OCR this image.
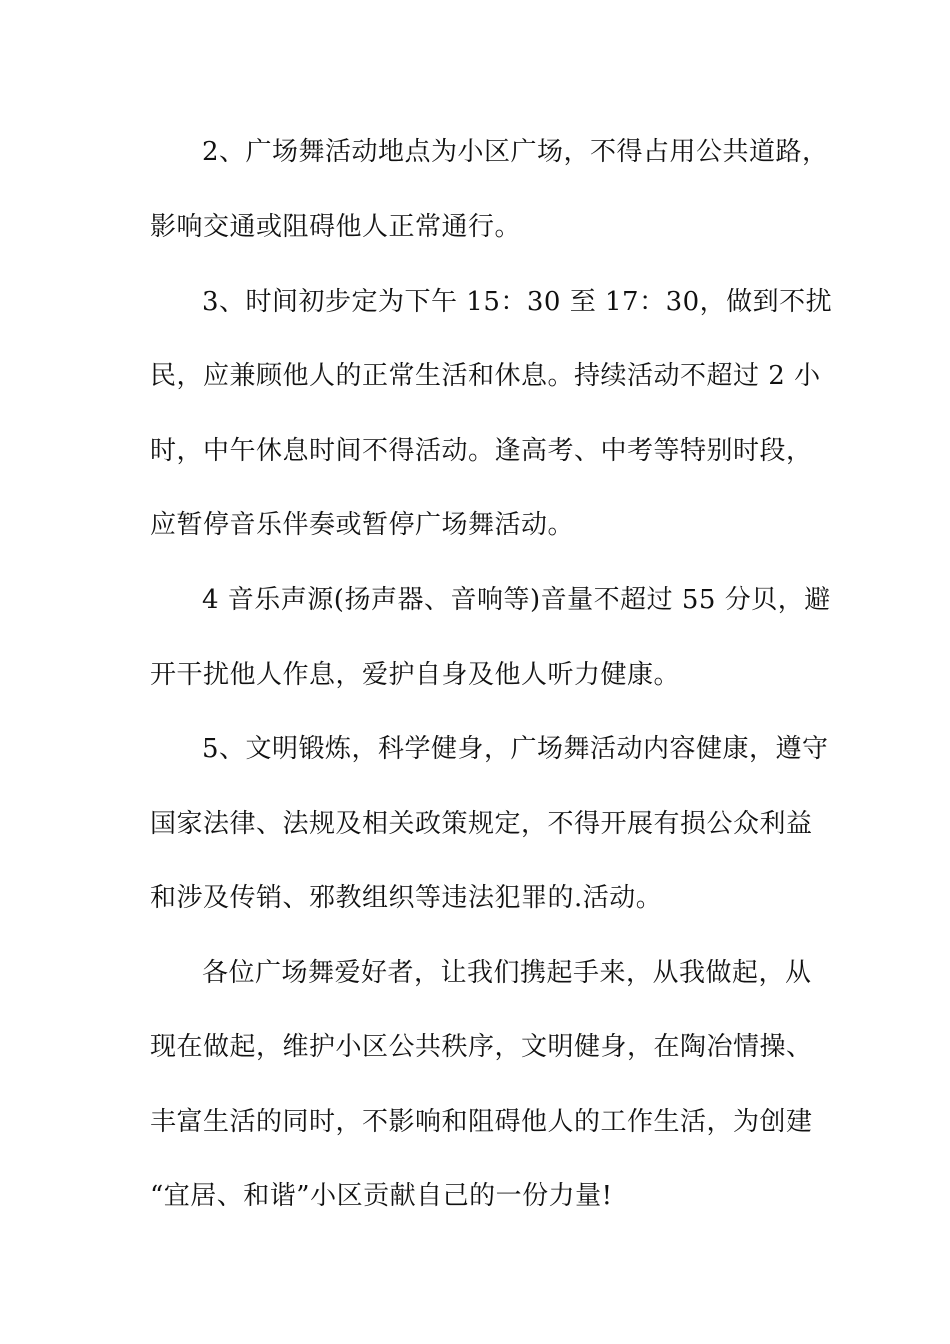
2、广场舞活动地点为小区广场，不得占用公共道路，
影响交通或阻碍他人正常通行。
3、时间初步定为下午 15：30 至 17：30，做到不扰
民，应兼顾他人的正常生活和休息。持续活动不超过 2 小
时，中午休息时间不得活动。逢高考、中考等特别时段，
应暂停音乐伴奏或暂停广场舞活动。
4 音乐声源(扬声器、音响等)音量不超过 55 分贝，避
开干扰他人作息，爱护自身及他人听力健康。
5、文明锻炼，科学健身，广场舞活动内容健康，遵守
国家法律、法规及相关政策规定，不得开展有损公众利益
和涉及传销、邪教组织等违法犯罪的.活动。
各位广场舞爱好者，让我们携起手来，从我做起，从
现在做起，维护小区公共秩序，文明健身，在陶冶情操、
丰富生活的同时，不影响和阻碍他人的工作生活，为创建
“宜居、和谐”小区贡献自己的一份力量!
